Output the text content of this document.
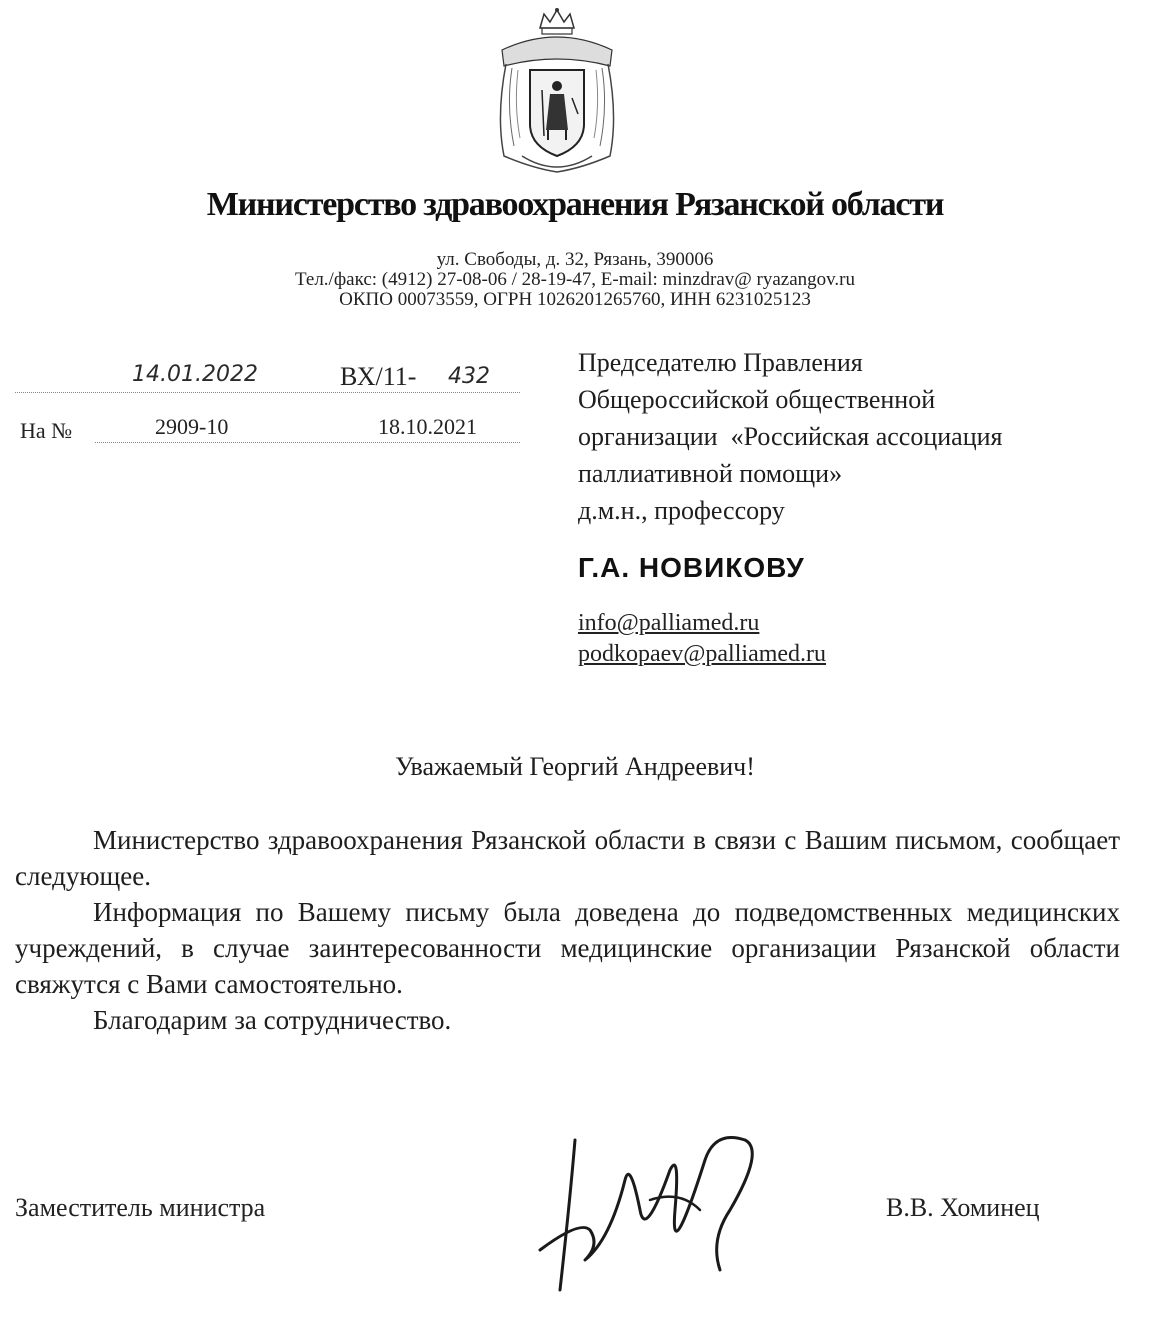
Министерство здравоохранения Рязанской области
ул. Свободы, д. 32, Рязань, 390006
Тел./факс: (4912) 27-08-06 / 28-19-47, E-mail: minzdrav@ ryazangov.ru
ОКПО 00073559, ОГРН 1026201265760, ИНН 6231025123
14.01.2022	ВХ/11- 432
На №	2909-10	18.10.2021
Председателю Правления
Общероссийской общественной
организации  «Российская ассоциация
паллиативной помощи»
д.м.н., профессору
Г.А. НОВИКОВУ
info@palliamed.ru
podkopaev@palliamed.ru
Уважаемый Георгий Андреевич!

Министерство здравоохранения Рязанской области в связи с Вашим письмом, сообщает следующее.

Информация по Вашему письму была доведена до подведомственных медицинских учреждений, в случае заинтересованности медицинские организации Рязанской области свяжутся с Вами самостоятельно.

Благодарим за сотрудничество.

Заместитель министра	В.В. Хоминец
